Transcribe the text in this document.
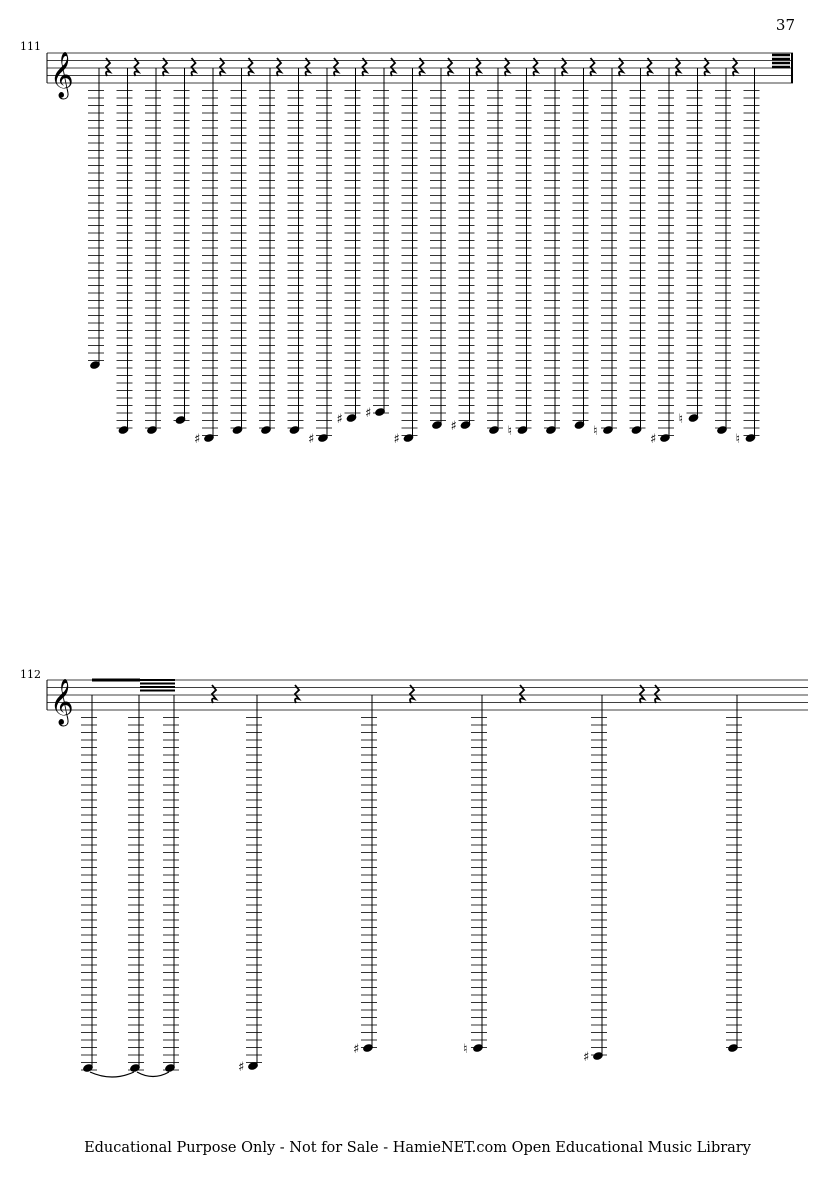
37
111
112
𝄞
♯	♯
♯ ♯
♯
♯	♮	♮
♯
♮
♮
𝄞
♯
♯	♮
♯
Educational Purpose Only - Not for Sale - HamieNET.com Open Educational Music Library
